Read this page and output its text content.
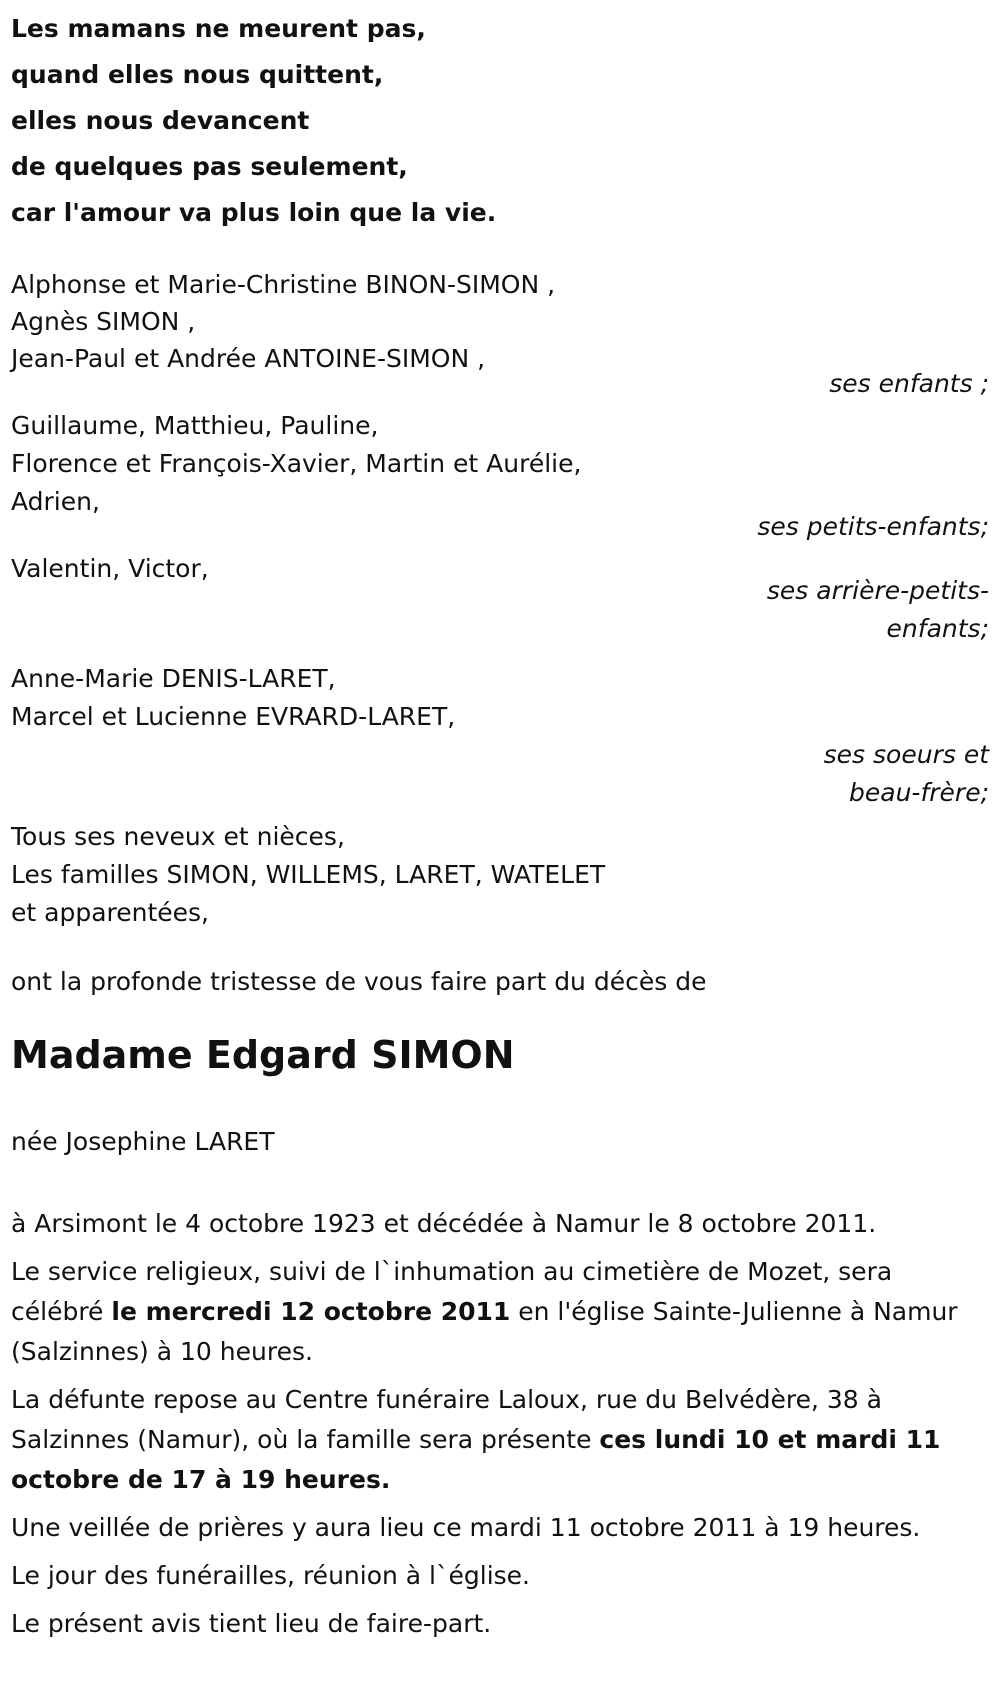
Les mamans ne meurent pas,

quand elles nous quittent,

elles nous devancent

de quelques pas seulement,

car l'amour va plus loin que la vie.

Alphonse et Marie-Christine BINON-SIMON ,

Agnès SIMON ,

Jean-Paul et Andrée ANTOINE-SIMON ,

ses enfants ;

Guillaume, Matthieu, Pauline,

Florence et François-Xavier, Martin et Aurélie,

Adrien,

ses petits-enfants;

Valentin, Victor,

ses arrière-petits-

enfants;

Anne-Marie DENIS-LARET,

Marcel et Lucienne EVRARD-LARET,

ses soeurs et

beau-frère;

Tous ses neveux et nièces,

Les familles SIMON, WILLEMS, LARET, WATELET

et apparentées,

ont la profonde tristesse de vous faire part du décès de

Madame Edgard SIMON

née Josephine LARET

à Arsimont le 4 octobre 1923 et décédée à Namur le 8 octobre 2011.

Le service religieux, suivi de l`inhumation au cimetière de Mozet, sera célébré le mercredi 12 octobre 2011 en l'église Sainte-Julienne à Namur (Salzinnes) à 10 heures.

La défunte repose au Centre funéraire Laloux, rue du Belvédère, 38 à Salzinnes (Namur), où la famille sera présente ces lundi 10 et mardi 11 octobre de 17 à 19 heures.

Une veillée de prières y aura lieu ce mardi 11 octobre 2011 à 19 heures.

Le jour des funérailles, réunion à l`église.

Le présent avis tient lieu de faire-part.
